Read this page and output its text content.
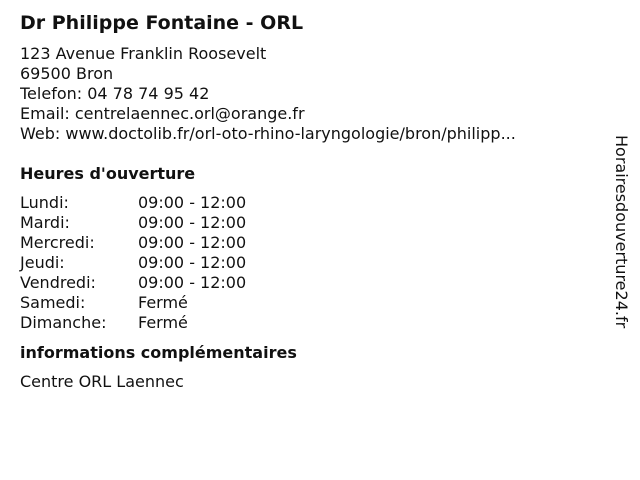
Dr Philippe Fontaine - ORL
123 Avenue Franklin Roosevelt
69500 Bron
Telefon: 04 78 74 95 42
Email: centrelaennec.orl@orange.fr
Web: www.doctolib.fr/orl-oto-rhino-laryngologie/bron/philipp...
Heures d'ouverture
Lundi:	09:00 - 12:00
Mardi:	09:00 - 12:00
Mercredi:	09:00 - 12:00
Jeudi:	09:00 - 12:00
Vendredi:	09:00 - 12:00
Samedi:	Fermé
Dimanche:	Fermé
informations complémentaires
Centre ORL Laennec
Horairesdouverture24.fr
